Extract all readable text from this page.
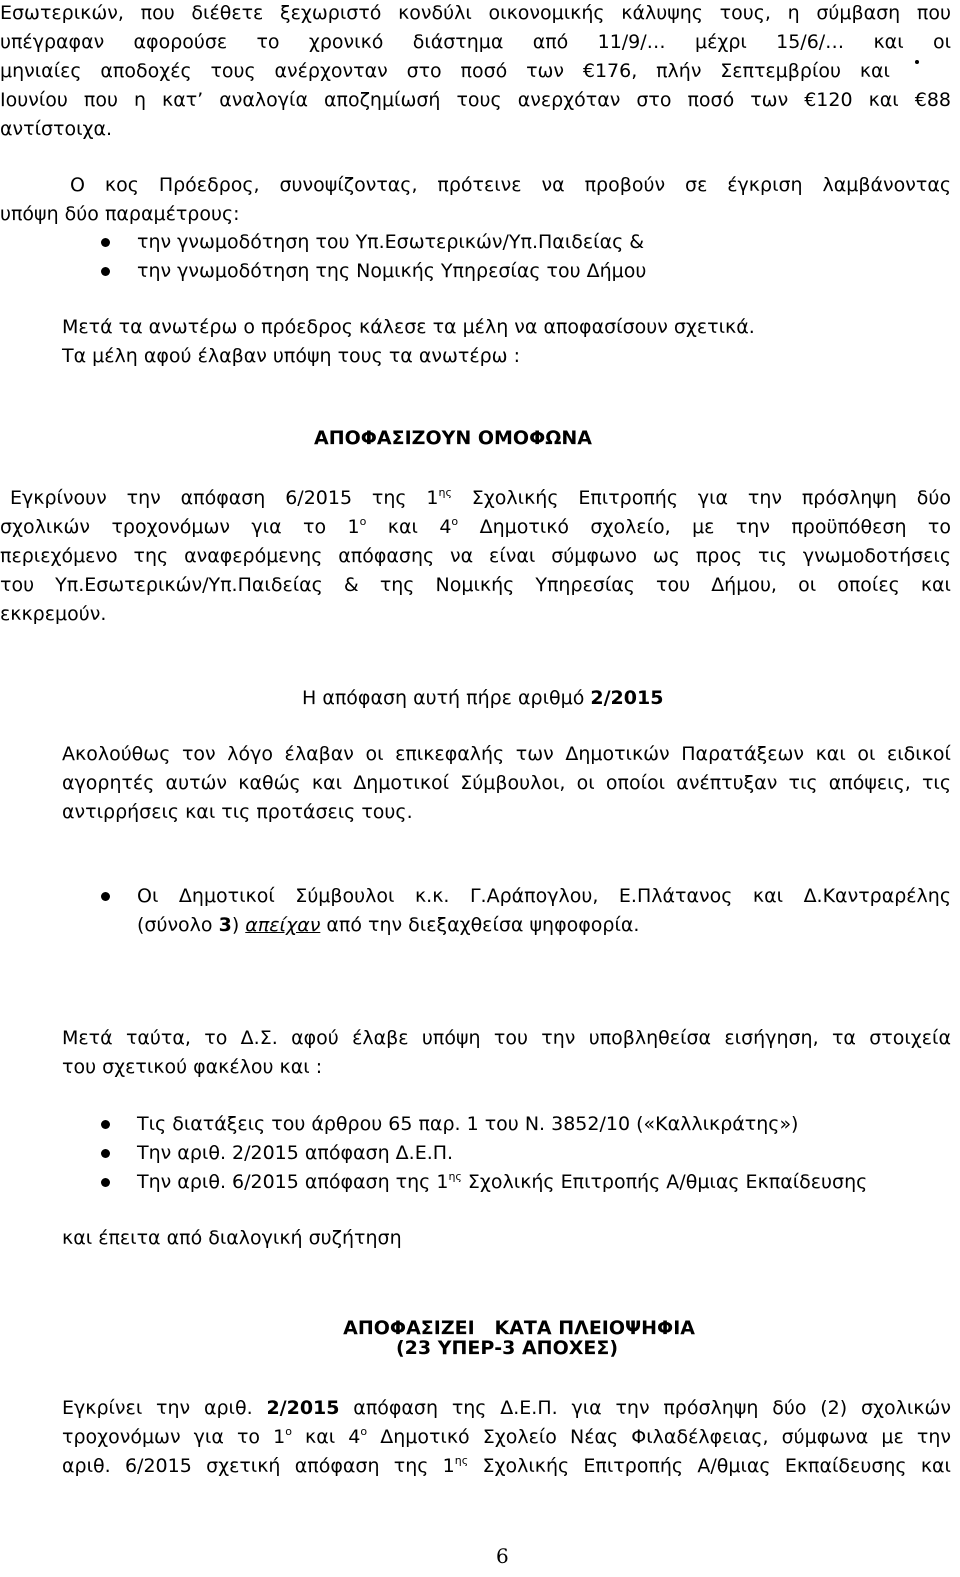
Εσωτερικών, που διέθετε ξεχωριστό κονδύλι οικονομικής κάλυψης τους, η σύμβαση που
υπέγραφαν αφορούσε το χρονικό διάστημα από 11/9/… μέχρι 15/6/… και οι
μηνιαίες αποδοχές τους ανέρχονταν στο ποσό των €176, πλήν Σεπτεμβρίου και
Ιουνίου που η κατ’ αναλογία αποζημίωσή τους ανερχόταν στο ποσό των €120 και €88
αντίστοιχα.
Ο κος Πρόεδρος, συνοψίζοντας, πρότεινε να προβούν σε έγκριση λαμβάνοντας
υπόψη δύο παραμέτρους:
την γνωμοδότηση του Υπ.Εσωτερικών/Υπ.Παιδείας &
την γνωμοδότηση της Νομικής Υπηρεσίας του Δήμου
Μετά τα ανωτέρω ο πρόεδρος κάλεσε τα μέλη να αποφασίσουν σχετικά.
Τα μέλη αφού έλαβαν υπόψη τους τα ανωτέρω :
ΑΠΟΦΑΣΙΖΟΥΝ ΟΜΟΦΩΝΑ
Εγκρίνουν την απόφαση 6/2015 της $1^{\eta\varsigma}$ Σχολικής Επιτροπής για την πρόσληψη δύο
σχολικών τροχονόμων για το $1^o$ και $4^o$ Δημοτικό σχολείο, με την προϋπόθεση το
περιεχόμενο της αναφερόμενης απόφασης να είναι σύμφωνο ως προς τις γνωμοδοτήσεις
του Υπ.Εσωτερικών/Υπ.Παιδείας & της Νομικής Υπηρεσίας του Δήμου, οι οποίες και
εκκρεμούν.
Η απόφαση αυτή πήρε αριθμό 2/2015
Ακολούθως τον λόγο έλαβαν οι επικεφαλής των Δημοτικών Παρατάξεων και οι ειδικοί
αγορητές αυτών καθώς και Δημοτικοί Σύμβουλοι, οι οποίοι ανέπτυξαν τις απόψεις, τις
αντιρρήσεις και τις προτάσεις τους.
Οι Δημοτικοί Σύμβουλοι κ.κ. Γ.Αράπογλου, Ε.Πλάτανος και Δ.Καντραρέλης
(σύνολο 3) απείχαν από την διεξαχθείσα ψηφοφορία.
Μετά ταύτα, το Δ.Σ. αφού έλαβε υπόψη του την υποβληθείσα εισήγηση, τα στοιχεία
του σχετικού φακέλου και :
Τις διατάξεις του άρθρου 65 παρ. 1 του Ν. 3852/10 («Καλλικράτης»)
Την αριθ. 2/2015 απόφαση Δ.Ε.Π.
Την αριθ. 6/2015 απόφαση της $1^{\eta\varsigma}$ Σχολικής Επιτροπής Α/θμιας Εκπαίδευσης
και έπειτα από διαλογική συζήτηση

ΑΠΟΦΑΣΙΖΕΙ   ΚΑΤΑ ΠΛΕΙΟΨΗΦΙΑ

(23 ΥΠΕΡ-3 ΑΠΟΧΕΣ)
Εγκρίνει την αριθ. 2/2015 απόφαση της Δ.Ε.Π. για την πρόσληψη δύο (2) σχολικών
τροχονόμων για το $1^o$ και $4^o$ Δημοτικό Σχολείο Νέας Φιλαδέλφειας, σύμφωνα με την
αριθ. 6/2015 σχετική απόφαση της $1^{\eta\varsigma}$ Σχολικής Επιτροπής Α/θμιας Εκπαίδευσης και
6
